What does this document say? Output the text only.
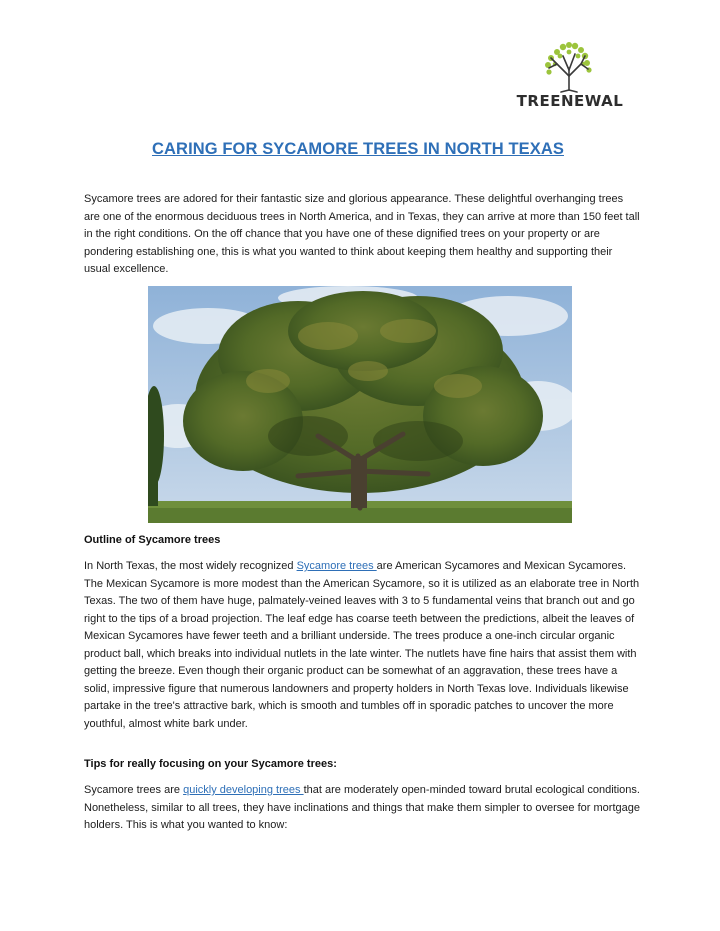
TREENEWAL
CARING FOR SYCAMORE TREES IN NORTH TEXAS
Sycamore trees are adored for their fantastic size and glorious appearance. These delightful overhanging trees are one of the enormous deciduous trees in North America, and in Texas, they can arrive at more than 150 feet tall in the right conditions. On the off chance that you have one of these dignified trees on your property or are pondering establishing one, this is what you wanted to think about keeping them healthy and supporting their usual excellence.
Outline of Sycamore trees
In North Texas, the most widely recognized Sycamore trees are American Sycamores and Mexican Sycamores. The Mexican Sycamore is more modest than the American Sycamore, so it is utilized as an elaborate tree in North Texas. The two of them have huge, palmately-veined leaves with 3 to 5 fundamental veins that branch out and go right to the tips of a broad projection. The leaf edge has coarse teeth between the predictions, albeit the leaves of Mexican Sycamores have fewer teeth and a brilliant underside. The trees produce a one-inch circular organic product ball, which breaks into individual nutlets in the late winter. The nutlets have fine hairs that assist them with getting the breeze. Even though their organic product can be somewhat of an aggravation, these trees have a solid, impressive figure that numerous landowners and property holders in North Texas love. Individuals likewise partake in the tree's attractive bark, which is smooth and tumbles off in sporadic patches to uncover the more youthful, almost white bark under.
Tips for really focusing on your Sycamore trees:
Sycamore trees are quickly developing trees that are moderately open-minded toward brutal ecological conditions. Nonetheless, similar to all trees, they have inclinations and things that make them simpler to oversee for mortgage holders. This is what you wanted to know:
